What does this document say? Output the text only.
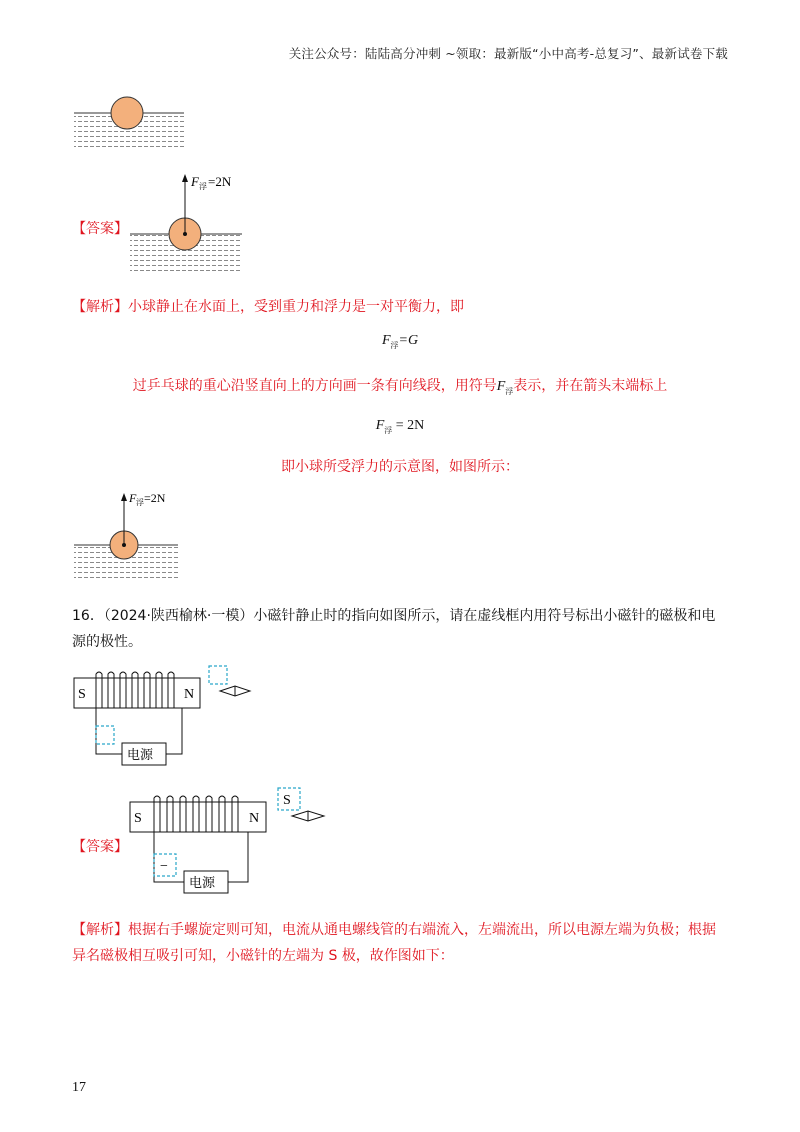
关注公众号：陆陆高分冲刺 ~领取：最新版“小中高考-总复习”、最新试卷下载
【答案】
F 浮 =2N
【解析】小球静止在水面上，受到重力和浮力是一对平衡力，即
$F_浮=G$
过乒乓球的重心沿竖直向上的方向画一条有向线段，用符号$F_浮$表示，并在箭头末端标上
$F_浮 = 2N$
即小球所受浮力的示意图，如图所示：
F 浮 =2N
16．（2024·陕西榆林·一模）小磁针静止时的指向如图所示，请在虚线框内用符号标出小磁针的磁极和电
源的极性。
S	N
电源
【答案】
S	N
电源
−
S
【解析】根据右手螺旋定则可知，电流从通电螺线管的右端流入，左端流出，所以电源左端为负极；根据
异名磁极相互吸引可知，小磁针的左端为 S 极，故作图如下：
17
